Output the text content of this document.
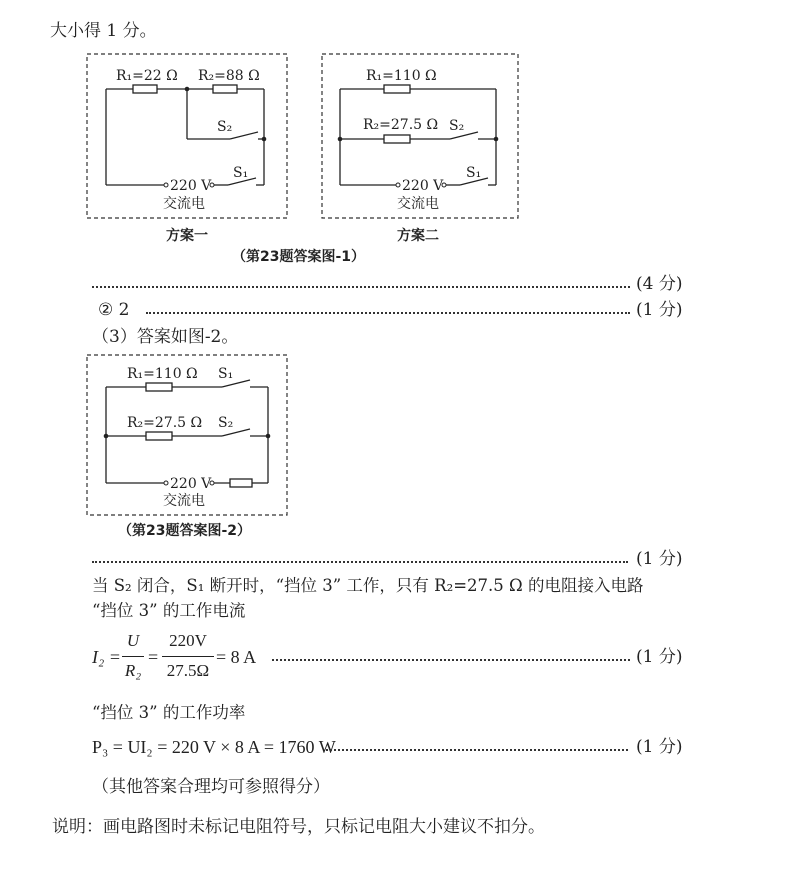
大小得 1 分。
R₁=22 Ω R₂=88 Ω
S₂
S₁
220 V
交流电
方案一
R₁=110 Ω
R₂=27.5 Ω S₂
S₁
220 V
交流电
方案二
（第23题答案图-1）
(4 分)
② 2	(1 分)
（3）答案如图-2。
R₁=110 Ω S₁
R₂=27.5 Ω S₂
220 V
交流电
（第23题答案图-2）
(1 分)
当 S₂ 闭合，S₁ 断开时，“挡位 3” 工作，只有 R₂=27.5 Ω 的电阻接入电路
“挡位 3” 的工作电流
I₂ =
U
R₂
=
220V
27.5Ω
= 8 A	(1 分)
“挡位 3” 的工作功率
P₃ = UI₂ = 220 V × 8 A = 1760 W	(1 分)
（其他答案合理均可参照得分）
说明：画电路图时未标记电阻符号，只标记电阻大小建议不扣分。
